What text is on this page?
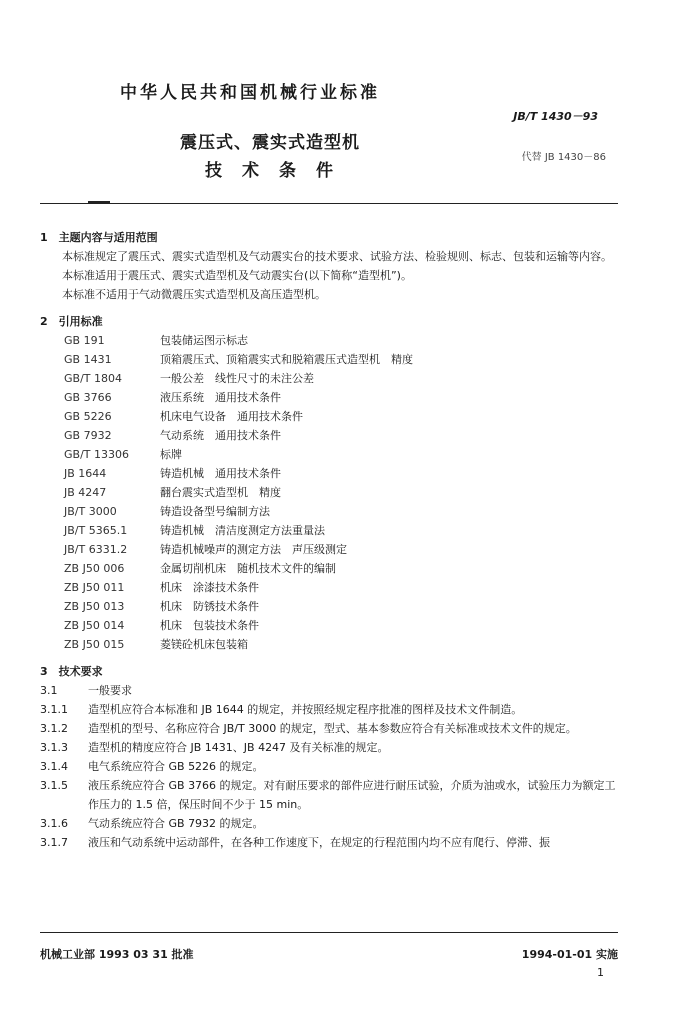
中华人民共和国机械行业标准
JB/T 1430－93
震压式、震实式造型机
技术条件
代替 JB 1430－86
1　主题内容与适用范围
本标准规定了震压式、震实式造型机及气动震实台的技术要求、试验方法、检验规则、标志、包装和运输等内容。
本标准适用于震压式、震实式造型机及气动震实台(以下简称“造型机”)。
本标准不适用于气动微震压实式造型机及高压造型机。
2　引用标准
GB 191	包装储运图示标志
GB 1431	顶箱震压式、顶箱震实式和脱箱震压式造型机　精度
GB/T 1804	一般公差　线性尺寸的未注公差
GB 3766	液压系统　通用技术条件
GB 5226	机床电气设备　通用技术条件
GB 7932	气动系统　通用技术条件
GB/T 13306	标牌
JB 1644	铸造机械　通用技术条件
JB 4247	翻台震实式造型机　精度
JB/T 3000	铸造设备型号编制方法
JB/T 5365.1	铸造机械　清洁度测定方法重量法
JB/T 6331.2	铸造机械噪声的测定方法　声压级测定
ZB J50 006	金属切削机床　随机技术文件的编制
ZB J50 011	机床　涂漆技术条件
ZB J50 013	机床　防锈技术条件
ZB J50 014	机床　包装技术条件
ZB J50 015	菱镁砼机床包装箱
3　技术要求
3.1	一般要求
3.1.1	造型机应符合本标准和 JB 1644 的规定，并按照经规定程序批准的图样及技术文件制造。
3.1.2	造型机的型号、名称应符合 JB/T 3000 的规定，型式、基本参数应符合有关标准或技术文件的规定。
3.1.3	造型机的精度应符合 JB 1431、JB 4247 及有关标准的规定。
3.1.4	电气系统应符合 GB 5226 的规定。
3.1.5	液压系统应符合 GB 3766 的规定。对有耐压要求的部件应进行耐压试验，介质为油或水，试验压力为额定工作压力的 1.5 倍，保压时间不少于 15 min。
3.1.6	气动系统应符合 GB 7932 的规定。
3.1.7	液压和气动系统中运动部件，在各种工作速度下，在规定的行程范围内均不应有爬行、停滞、振
机械工业部 1993 03 31 批准	1994-01-01 实施
1
